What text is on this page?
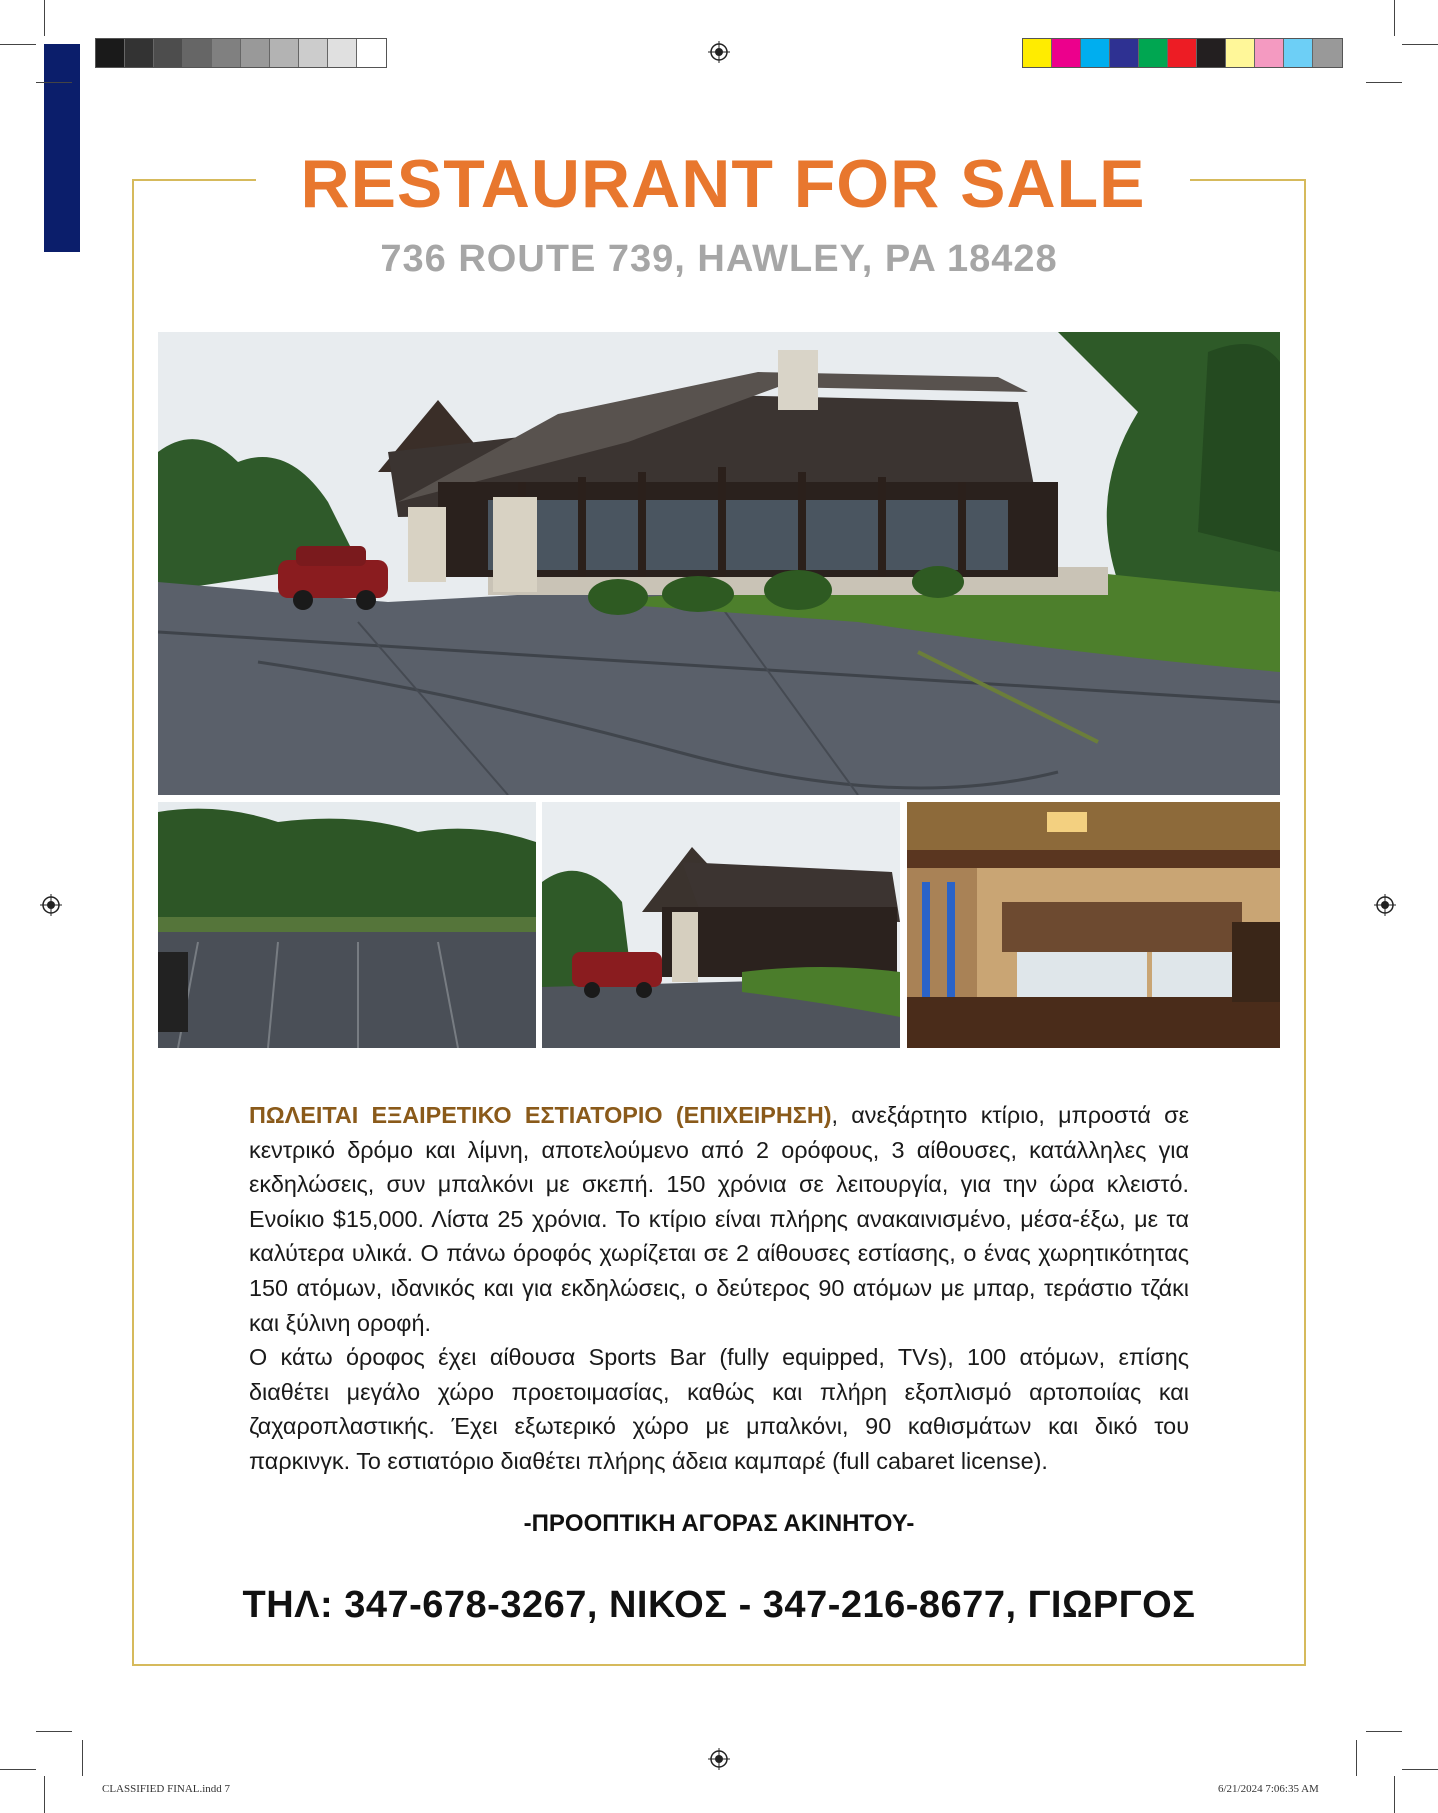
RESTAURANT FOR SALE
736 ROUTE 739, HAWLEY, PA 18428

ΠΩΛΕΙΤΑΙ ΕΞΑΙΡΕΤΙΚΟ ΕΣΤΙΑΤΟΡΙΟ (ΕΠΙΧΕΙΡΗΣΗ), ανεξάρτητο κτίριο, μπροστά σε κεντρικό δρόμο και λίμνη, αποτελούμενο από 2 ορόφους, 3 αίθουσες, κατάλληλες για εκδηλώσεις, συν μπαλκόνι με σκεπή. 150 χρόνια σε λειτουργία, για την ώρα κλειστό. Ενοίκιο $15,000. Λίστα 25 χρόνια. Το κτίριο είναι πλήρης ανακαινισμένο, μέσα-έξω, με τα καλύτερα υλικά. Ο πάνω όροφός χωρίζεται σε 2 αίθουσες εστίασης, ο ένας χωρητικότητας 150 ατόμων, ιδανικός και για εκδηλώσεις, ο δεύτερος 90 ατόμων με μπαρ, τεράστιο τζάκι και ξύλινη οροφή.

Ο κάτω όροφος έχει αίθουσα Sports Bar (fully equipped, TVs), 100 ατόμων, επίσης διαθέτει μεγάλο χώρο προετοιμασίας, καθώς και πλήρη εξοπλισμό αρτοποιίας και ζαχαροπλαστικής. Έχει εξωτερικό χώρο με μπαλκόνι, 90 καθισμάτων και δικό του παρκινγκ. Το εστιατόριο διαθέτει πλήρης άδεια καμπαρέ (full cabaret license).

-ΠΡΟΟΠΤΙΚΗ ΑΓΟΡΑΣ ΑΚΙΝΗΤΟΥ-
ΤΗΛ: 347-678-3267, ΝΙΚΟΣ - 347-216-8677, ΓΙΩΡΓΟΣ
CLASSIFIED FINAL.indd 7	6/21/2024 7:06:35 AM
